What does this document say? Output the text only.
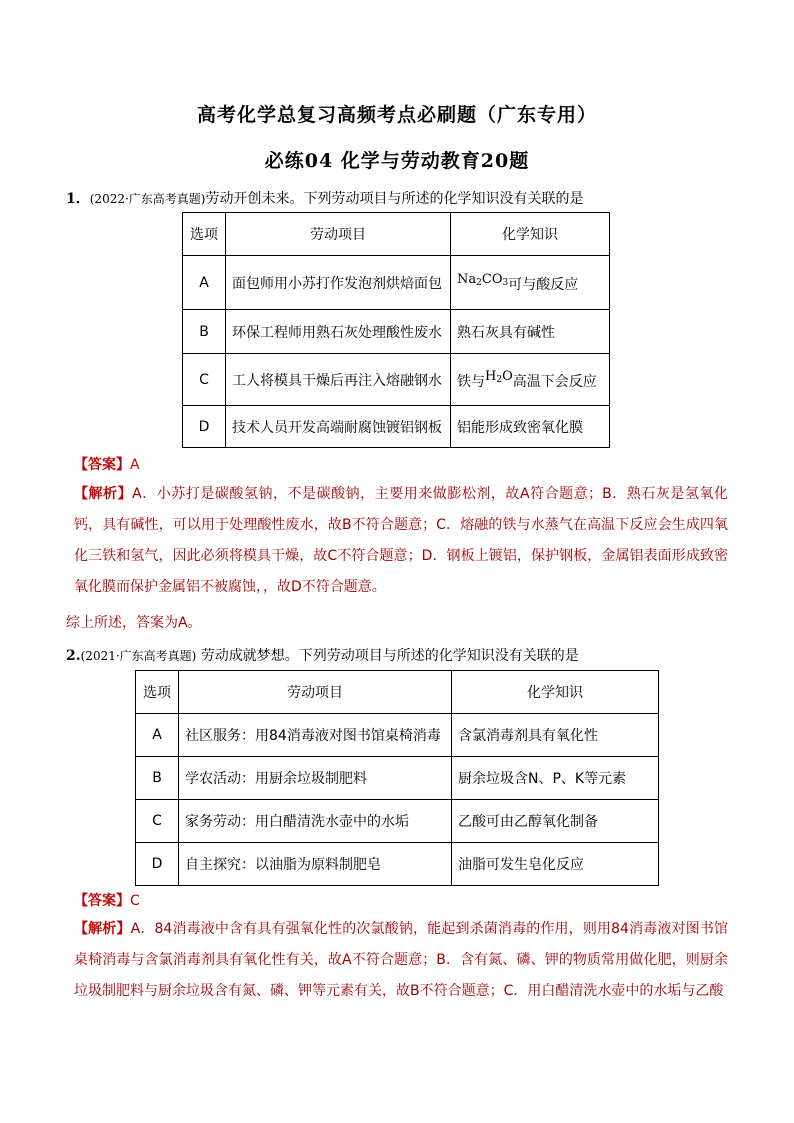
高考化学总复习高频考点必刷题（广东专用）
必练04 化学与劳动教育20题
1．(2022·广东高考真题)劳动开创未来。下列劳动项目与所述的化学知识没有关联的是
选项	劳动项目	化学知识
A	面包师用小苏打作发泡剂烘焙面包	$Na_2CO_3$可与酸反应
B	环保工程师用熟石灰处理酸性废水	熟石灰具有碱性
C	工人将模具干燥后再注入熔融钢水	铁与$H_2O$高温下会反应
D	技术人员开发高端耐腐蚀镀铝钢板	铝能形成致密氧化膜
【答案】A
【解析】A．小苏打是碳酸氢钠，不是碳酸钠，主要用来做膨松剂，故A符合题意；B．熟石灰是氢氧化钙，具有碱性，可以用于处理酸性废水，故B不符合题意；C．熔融的铁与水蒸气在高温下反应会生成四氧化三铁和氢气，因此必须将模具干燥，故C不符合题意；D．钢板上镀铝，保护钢板，金属铝表面形成致密氧化膜而保护金属铝不被腐蚀，，故D不符合题意。
综上所述，答案为A。
2.(2021·广东高考真题) 劳动成就梦想。下列劳动项目与所述的化学知识没有关联的是
选项	劳动项目	化学知识
A	社区服务：用84消毒液对图书馆桌椅消毒	含氯消毒剂具有氧化性
B	学农活动：用厨余垃圾制肥料	厨余垃圾含N、P、K等元素
C	家务劳动：用白醋清洗水壶中的水垢	乙酸可由乙醇氧化制备
D	自主探究：以油脂为原料制肥皂	油脂可发生皂化反应
【答案】C
【解析】A．84消毒液中含有具有强氧化性的次氯酸钠，能起到杀菌消毒的作用，则用84消毒液对图书馆桌椅消毒与含氯消毒剂具有氧化性有关，故A不符合题意；B．含有氮、磷、钾的物质常用做化肥，则厨余垃圾制肥料与厨余垃圾含有氮、磷、钾等元素有关，故B不符合题意；C．用白醋清洗水壶中的水垢与乙酸
